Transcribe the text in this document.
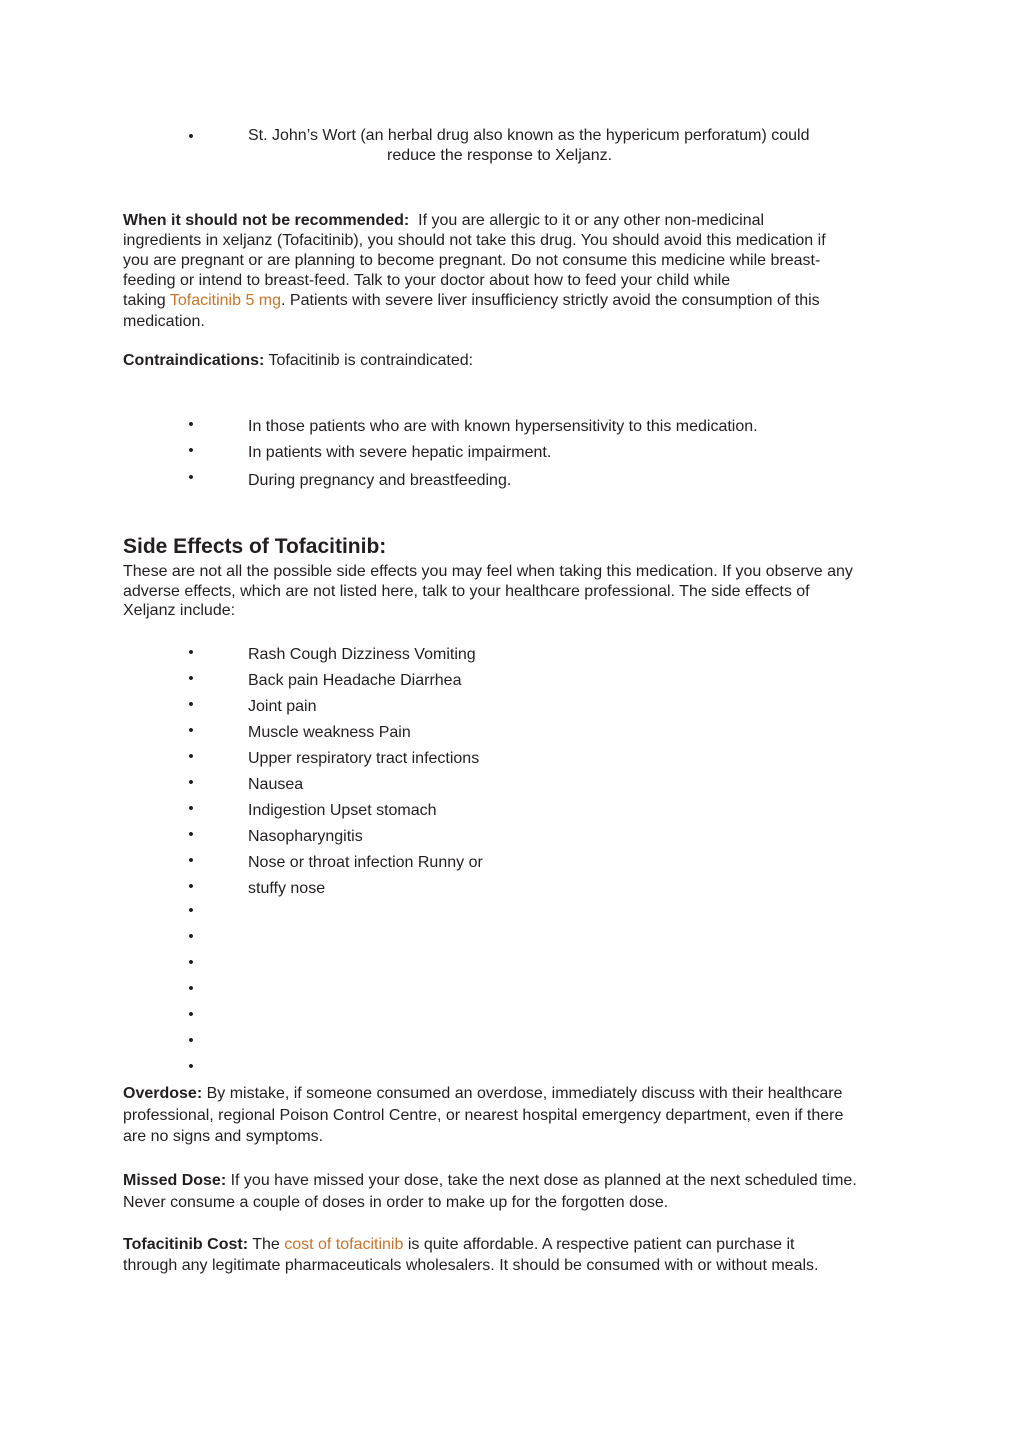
•	St. John’s Wort (an herbal drug also known as the hypericum perforatum) could
reduce the response to Xeljanz.
When it should not be recommended: If you are allergic to it or any other non-medicinal
ingredients in xeljanz (Tofacitinib), you should not take this drug. You should avoid this medication if
you are pregnant or are planning to become pregnant. Do not consume this medicine while breast-
feeding or intend to breast-feed. Talk to your doctor about how to feed your child while
taking Tofacitinib 5 mg. Patients with severe liver insufficiency strictly avoid the consumption of this
medication.
Contraindications: Tofacitinib is contraindicated:
•	In those patients who are with known hypersensitivity to this medication.
•	In patients with severe hepatic impairment.
•	During pregnancy and breastfeeding.
Side Effects of Tofacitinib:
These are not all the possible side effects you may feel when taking this medication. If you observe any
adverse effects, which are not listed here, talk to your healthcare professional. The side effects of
Xeljanz include:
•	Rash Cough Dizziness Vomiting
•	Back pain Headache Diarrhea
•	Joint pain
•	Muscle weakness Pain
•	Upper respiratory tract infections
•	Nausea
•	Indigestion Upset stomach
•	Nasopharyngitis
•	Nose or throat infection Runny or
•	stuffy nose
•
•
•
•
•
•
•
Overdose: By mistake, if someone consumed an overdose, immediately discuss with their healthcare
professional, regional Poison Control Centre, or nearest hospital emergency department, even if there
are no signs and symptoms.
Missed Dose: If you have missed your dose, take the next dose as planned at the next scheduled time.
Never consume a couple of doses in order to make up for the forgotten dose.
Tofacitinib Cost: The cost of tofacitinib is quite affordable. A respective patient can purchase it
through any legitimate pharmaceuticals wholesalers. It should be consumed with or without meals.
